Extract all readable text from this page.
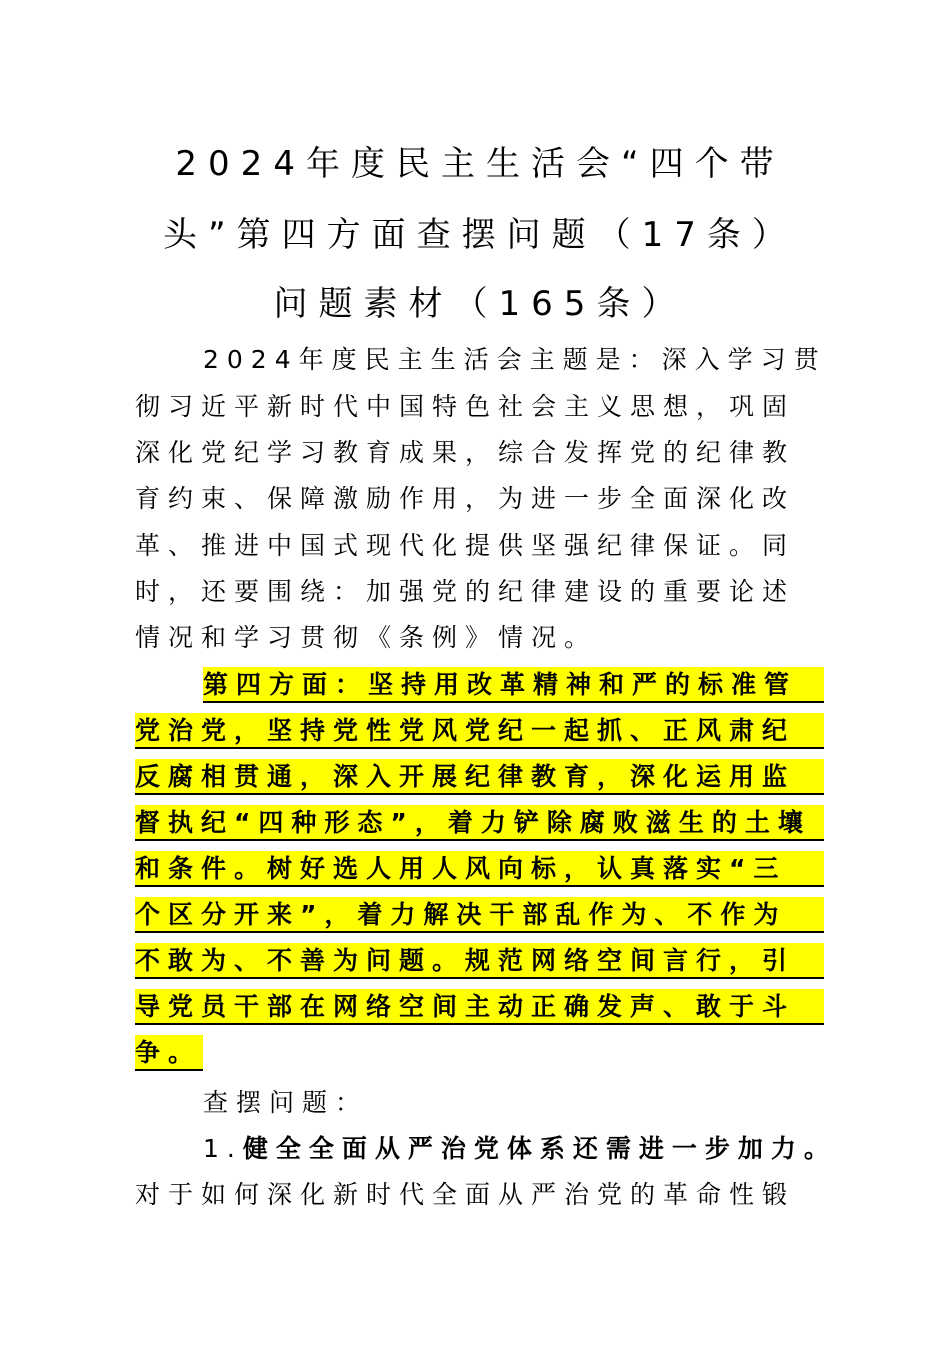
2024年度民主生活会“四个带
头”第四方面查摆问题（17条）
问题素材（165条）
2024年度民主生活会主题是：深入学习贯
彻习近平新时代中国特色社会主义思想，巩固
深化党纪学习教育成果，综合发挥党的纪律教
育约束、保障激励作用，为进一步全面深化改
革、推进中国式现代化提供坚强纪律保证。同
时，还要围绕：加强党的纪律建设的重要论述
情况和学习贯彻《条例》情况。
第四方面：坚持用改革精神和严的标准管
党治党，坚持党性党风党纪一起抓、正风肃纪
反腐相贯通，深入开展纪律教育，深化运用监
督执纪“四种形态”，着力铲除腐败滋生的土壤
和条件。树好选人用人风向标，认真落实“三
个区分开来”，着力解决干部乱作为、不作为
不敢为、不善为问题。规范网络空间言行，引
导党员干部在网络空间主动正确发声、敢于斗
争。
查摆问题：
1.健全全面从严治党体系还需进一步加力。
对于如何深化新时代全面从严治党的革命性锻
